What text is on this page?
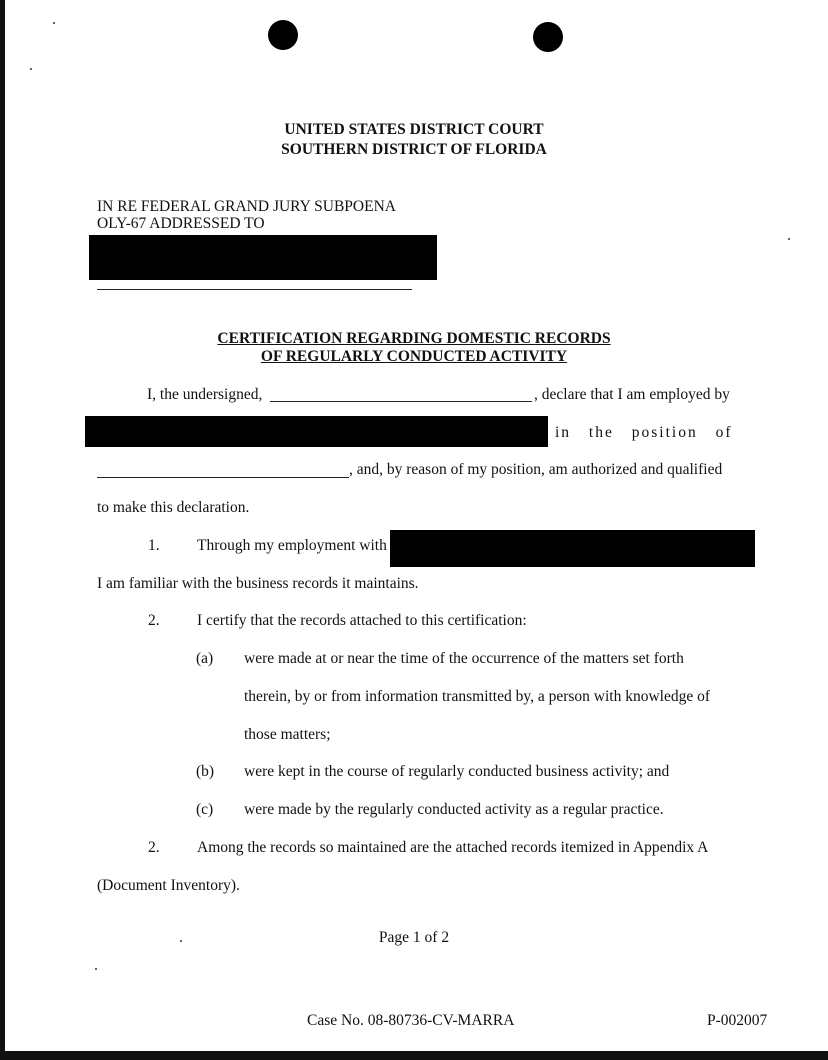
UNITED STATES DISTRICT COURT
SOUTHERN DISTRICT OF FLORIDA
IN RE FEDERAL GRAND JURY SUBPOENA
OLY-67 ADDRESSED TO
CERTIFICATION REGARDING DOMESTIC RECORDS
OF REGULARLY CONDUCTED ACTIVITY
I, the undersigned,	, declare that I am employed by
in the position of
, and, by reason of my position, am authorized and qualified
to make this declaration.
1. Through my employment with
I am familiar with the business records it maintains.
2. I certify that the records attached to this certification:
(a) were made at or near the time of the occurrence of the matters set forth
therein, by or from information transmitted by, a person with knowledge of
those matters;
(b) were kept in the course of regularly conducted business activity; and
(c) were made by the regularly conducted activity as a regular practice.
2. Among the records so maintained are the attached records itemized in Appendix A
(Document Inventory).
Page 1 of 2
Case No. 08-80736-CV-MARRA	P-002007
